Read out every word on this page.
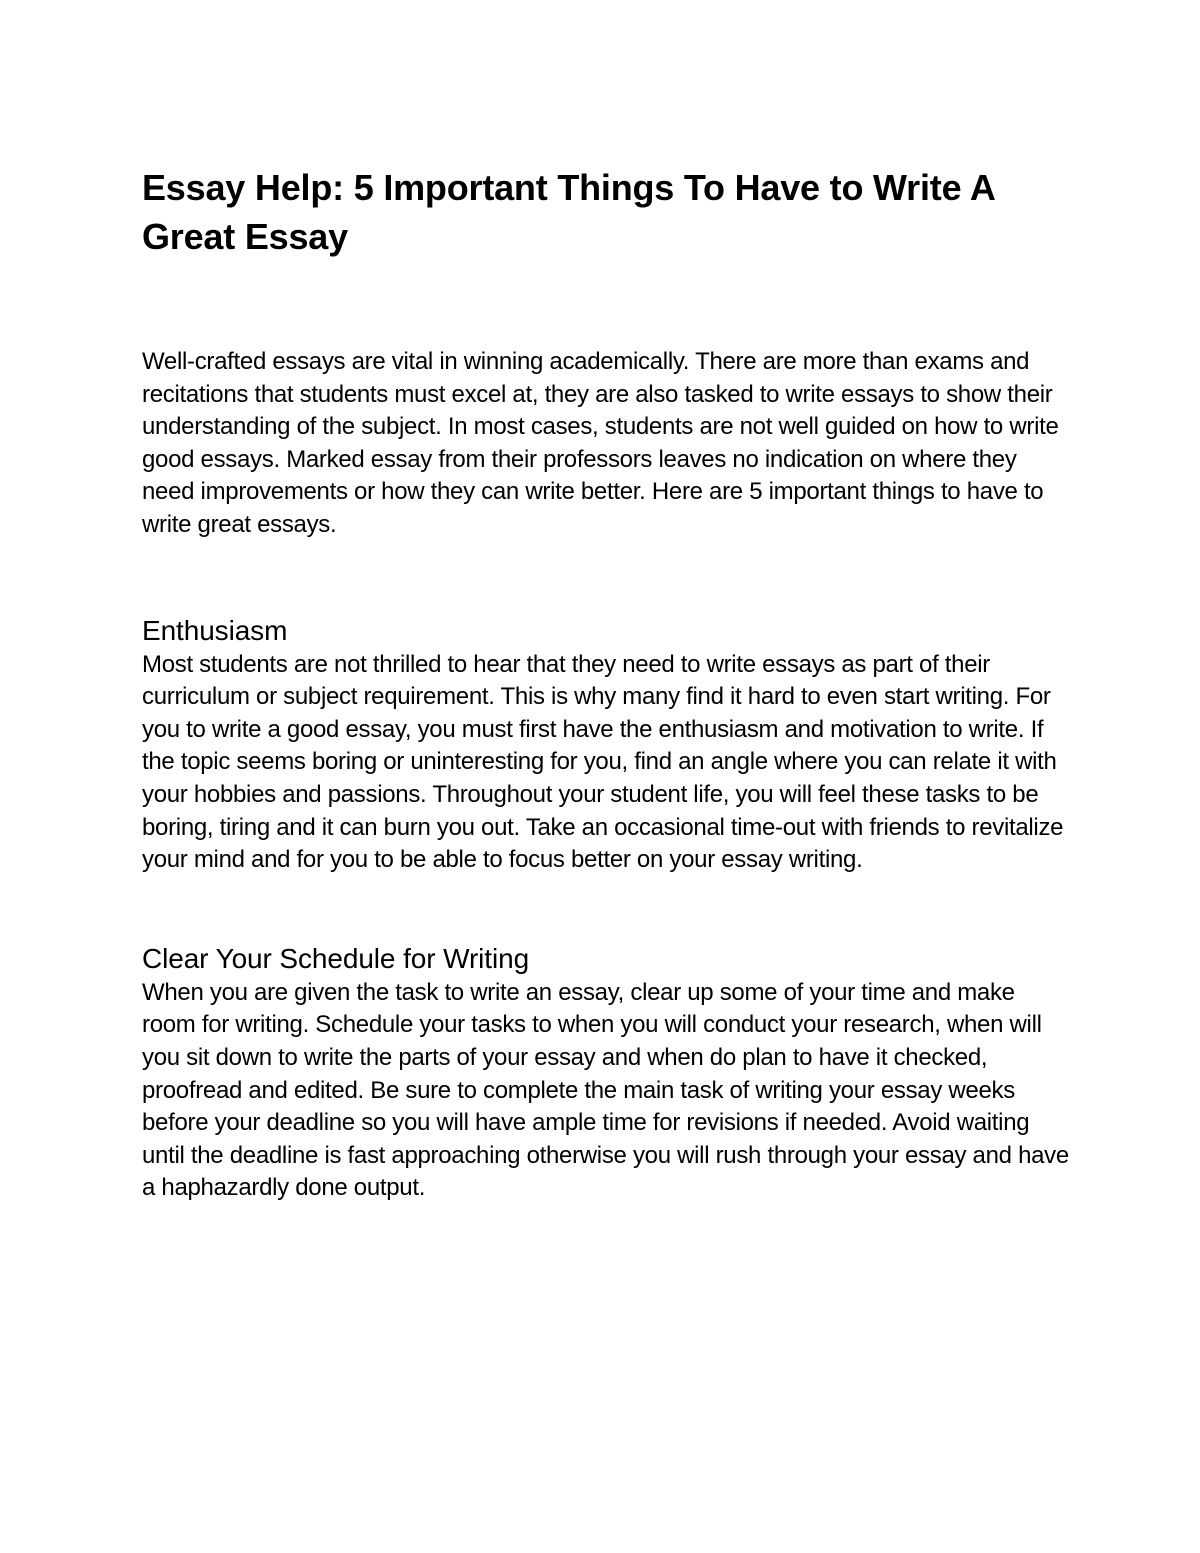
Essay Help: 5 Important Things To Have to Write A Great Essay

Well-crafted essays are vital in winning academically. There are more than exams and recitations that students must excel at, they are also tasked to write essays to show their understanding of the subject. In most cases, students are not well guided on how to write good essays. Marked essay from their professors leaves no indication on where they need improvements or how they can write better. Here are 5 important things to have to write great essays.

Enthusiasm

Most students are not thrilled to hear that they need to write essays as part of their curriculum or subject requirement. This is why many find it hard to even start writing. For you to write a good essay, you must first have the enthusiasm and motivation to write. If the topic seems boring or uninteresting for you, find an angle where you can relate it with your hobbies and passions. Throughout your student life, you will feel these tasks to be boring, tiring and it can burn you out. Take an occasional time-out with friends to revitalize your mind and for you to be able to focus better on your essay writing.

Clear Your Schedule for Writing

When you are given the task to write an essay, clear up some of your time and make room for writing. Schedule your tasks to when you will conduct your research, when will you sit down to write the parts of your essay and when do plan to have it checked, proofread and edited. Be sure to complete the main task of writing your essay weeks before your deadline so you will have ample time for revisions if needed. Avoid waiting until the deadline is fast approaching otherwise you will rush through your essay and have a haphazardly done output.
